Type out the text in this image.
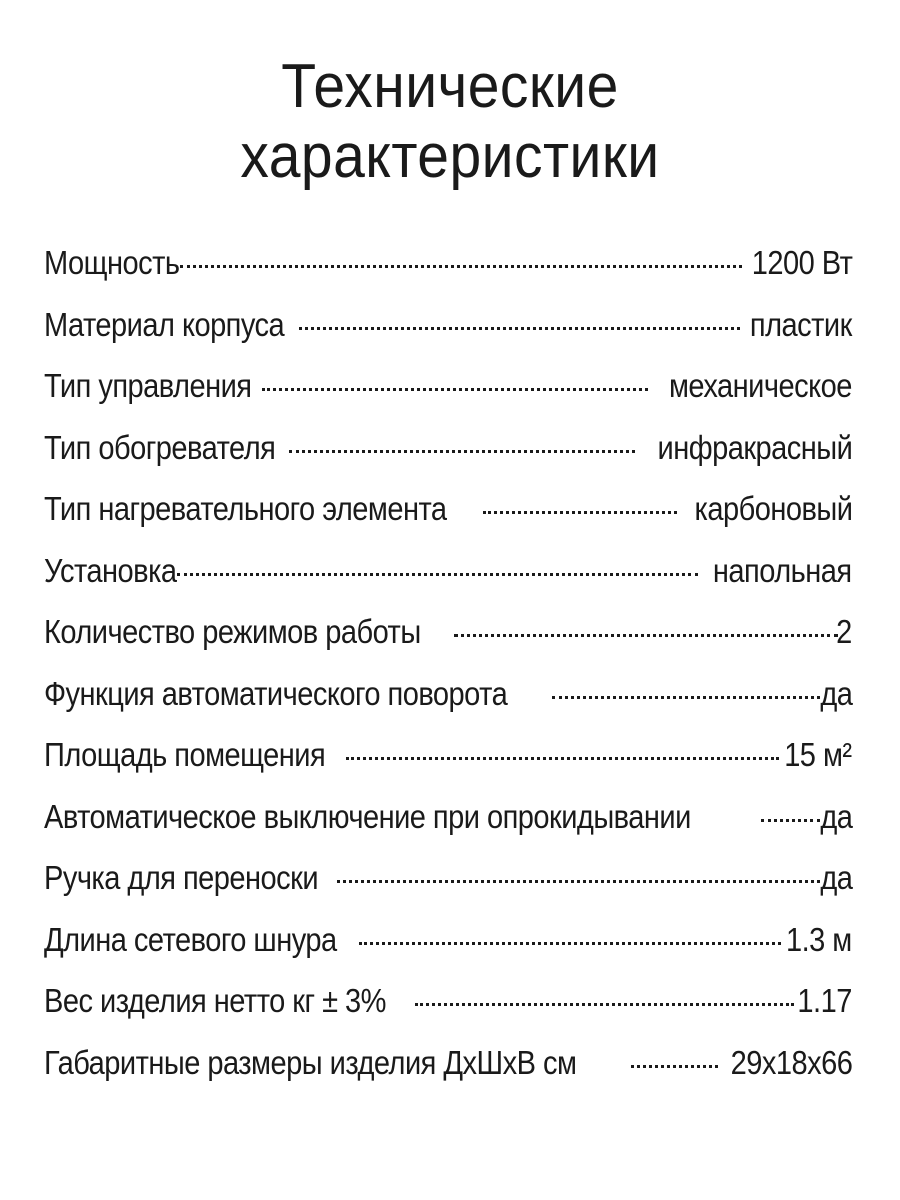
Технические
характеристики
Мощность	1200 Вт
Материал корпуса	пластик
Тип управления	механическое
Тип обогревателя	инфракрасный
Тип нагревательного элемента	карбоновый
Установка	напольная
Количество режимов работы	2
Функция автоматического поворота	да
Площадь помещения	15 м²
Автоматическое выключение при опрокидывании	да
Ручка для переноски	да
Длина сетевого шнура	1.3 м
Вес изделия нетто кг ± 3%	1.17
Габаритные размеры изделия ДхШхВ см	29x18x66
